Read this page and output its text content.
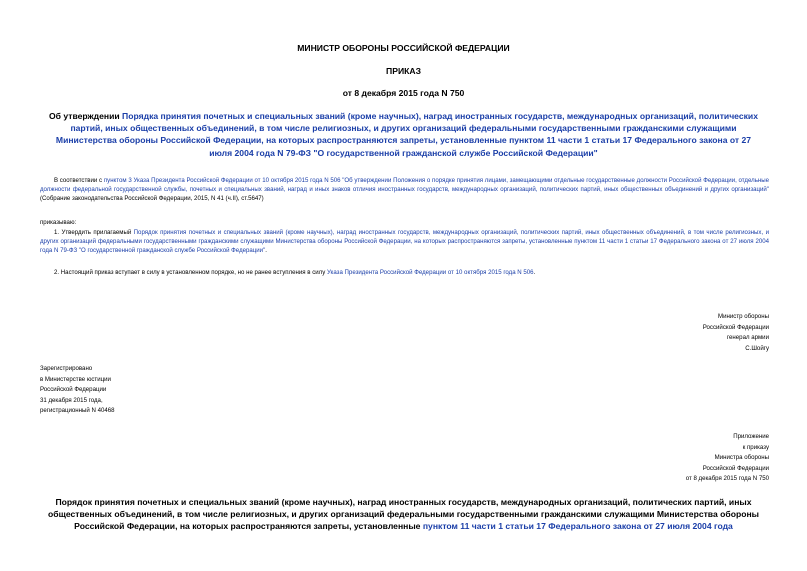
МИНИСТР ОБОРОНЫ РОССИЙСКОЙ ФЕДЕРАЦИИ
ПРИКАЗ
от 8 декабря 2015 года N 750
Об утверждении Порядка принятия почетных и специальных званий (кроме научных), наград иностранных государств, международных организаций, политических партий, иных общественных объединений, в том числе религиозных, и других организаций федеральными государственными гражданскими служащими Министерства обороны Российской Федерации, на которых распространяются запреты, установленные пунктом 11 части 1 статьи 17 Федерального закона от 27 июля 2004 года N 79-ФЗ "О государственной гражданской службе Российской Федерации"
В соответствии с пунктом 3 Указа Президента Российской Федерации от 10 октября 2015 года N 506 "Об утверждении Положения о порядке принятия лицами, замещающими отдельные государственные должности Российской Федерации, отдельные должности федеральной государственной службы, почетных и специальных званий, наград и иных знаков отличия иностранных государств, международных организаций, политических партий, иных общественных объединений и других организаций" (Собрание законодательства Российской Федерации, 2015, N 41 (ч.II), ст.5647)
приказываю:
1. Утвердить прилагаемый Порядок принятия почетных и специальных званий (кроме научных), наград иностранных государств, международных организаций, политических партий, иных общественных объединений, в том числе религиозных, и других организаций федеральными государственными гражданскими служащими Министерства обороны Российской Федерации, на которых распространяются запреты, установленные пунктом 11 части 1 статьи 17 Федерального закона от 27 июля 2004 года N 79-ФЗ "О государственной гражданской службе Российской Федерации".
2. Настоящий приказ вступает в силу в установленном порядке, но не ранее вступления в силу Указа Президента Российской Федерации от 10 октября 2015 года N 506.
Министр обороны
Российской Федерации
генерал армии
С.Шойгу
Зарегистрировано
в Министерстве юстиции
Российской Федерации
31 декабря 2015 года,
регистрационный N 40468
Приложение
к приказу
Министра обороны
Российской Федерации
от 8 декабря 2015 года N 750
Порядок принятия почетных и специальных званий (кроме научных), наград иностранных государств, международных организаций, политических партий, иных общественных объединений, в том числе религиозных, и других организаций федеральными государственными гражданскими служащими Министерства обороны Российской Федерации, на которых распространяются запреты, установленные пунктом 11 части 1 статьи 17 Федерального закона от 27 июля 2004 года
